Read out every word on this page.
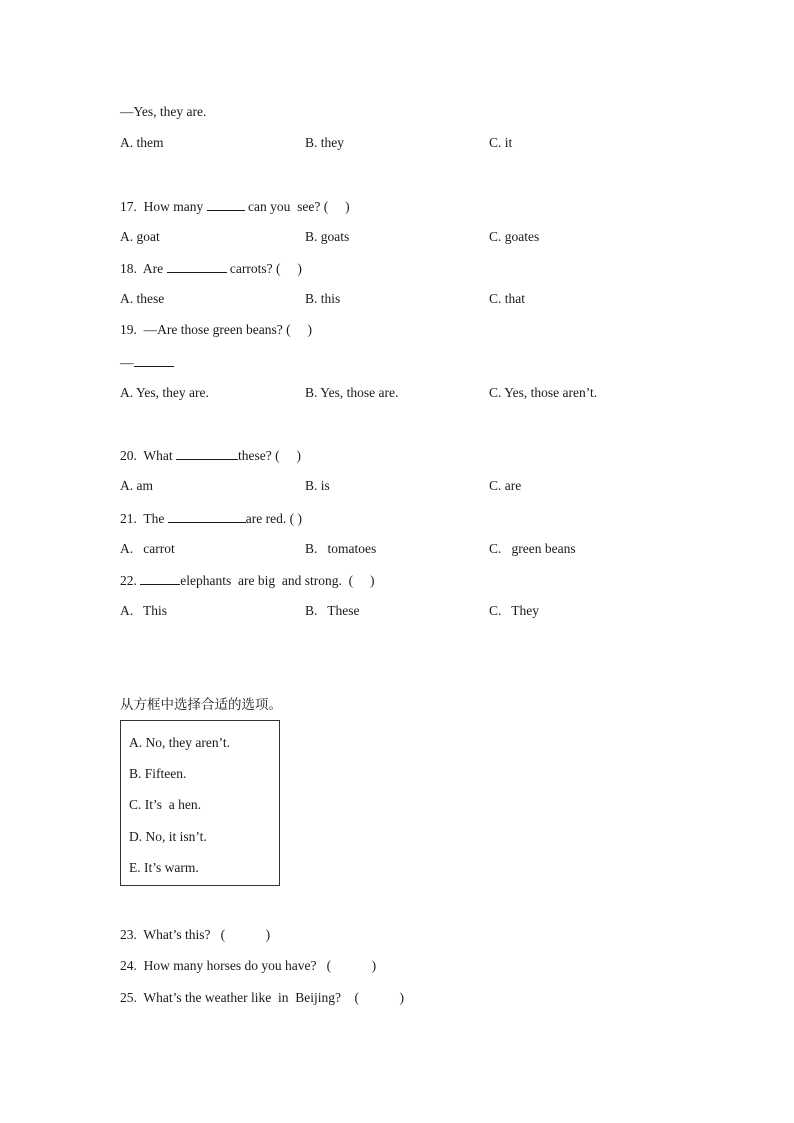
—Yes, they are.
A. them	B. they	C. it
17. How many	can you  see? (     )
A. goat	B. goats	C. goates
18. Are	carrots? (     )
A. these	B. this	C. that
19.  —Are those green beans? (     )
—
A. Yes, they are.	B. Yes, those are.	C. Yes, those aren’t.
20. What	these? (     )
A. am	B. is	C. are
21. The	are red. ( )
A.   carrot	B.   tomatoes	C.   green beans
22.	elephants  are big  and strong.  (     )
A.   This	B.   These	C.   They
从方框中选择合适的选项。
A. No, they aren’t.
B. Fifteen.
C. It’s  a hen.
D. No, it isn’t.
E. It’s warm.
23.  What’s this?   (            )
24.  How many horses do you have?   (            )
25.  What’s the weather like  in  Beijing?    (            )
